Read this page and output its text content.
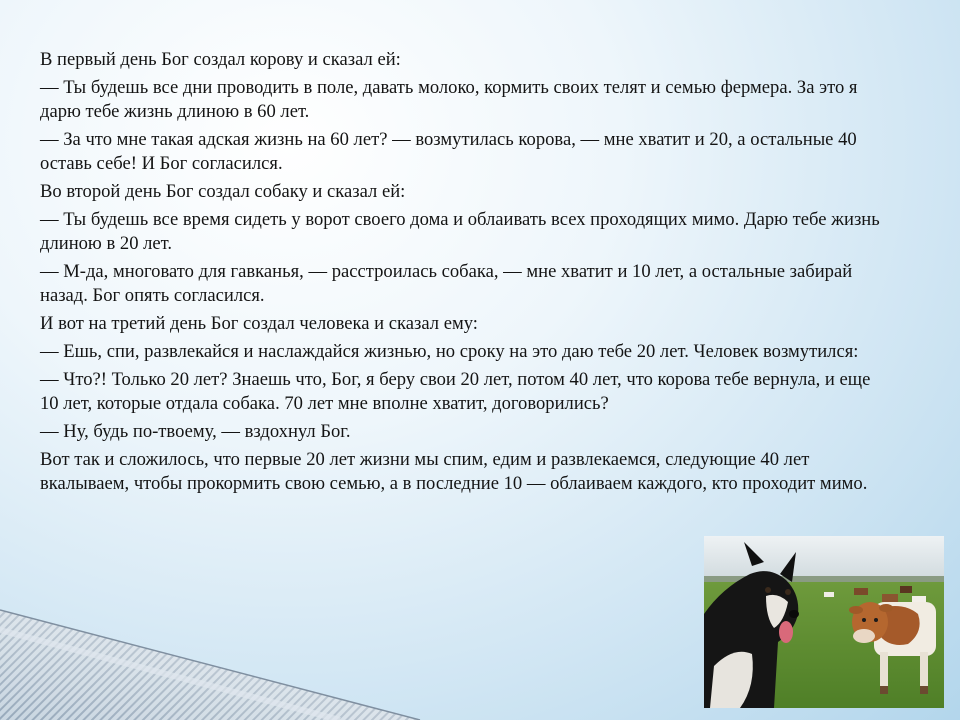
В первый день Бог создал корову и сказал ей:

— Ты будешь все дни проводить в поле, давать молоко, кормить своих телят и семью фермера. За это я дарю тебе жизнь длиною в 60 лет.

— За что мне такая адская жизнь на 60 лет? — возмутилась корова, — мне хватит и 20, а остальные 40 оставь себе! И Бог согласился.

Во второй день Бог создал собаку и сказал ей:

— Ты будешь все время сидеть у ворот своего дома и облаивать всех проходящих мимо. Дарю тебе жизнь длиною в 20 лет.

— М-да, многовато для гавканья, — расстроилась собака, — мне хватит и 10 лет, а остальные забирай назад. Бог опять согласился.

И вот на третий день Бог создал человека и сказал ему:

— Ешь, спи, развлекайся и наслаждайся жизнью, но сроку на это даю тебе 20 лет. Человек возмутился:

— Что?! Только 20 лет? Знаешь что, Бог, я беру свои 20 лет, потом 40 лет, что корова тебе вернула, и еще 10 лет, которые отдала собака. 70 лет мне вполне хватит, договорились?

— Ну, будь по-твоему, — вздохнул Бог.

Вот так и сложилось, что первые 20 лет жизни мы спим, едим и развлекаемся, следующие 40 лет вкалываем, чтобы прокормить свою семью, а в последние 10 — облаиваем каждого, кто проходит мимо.
